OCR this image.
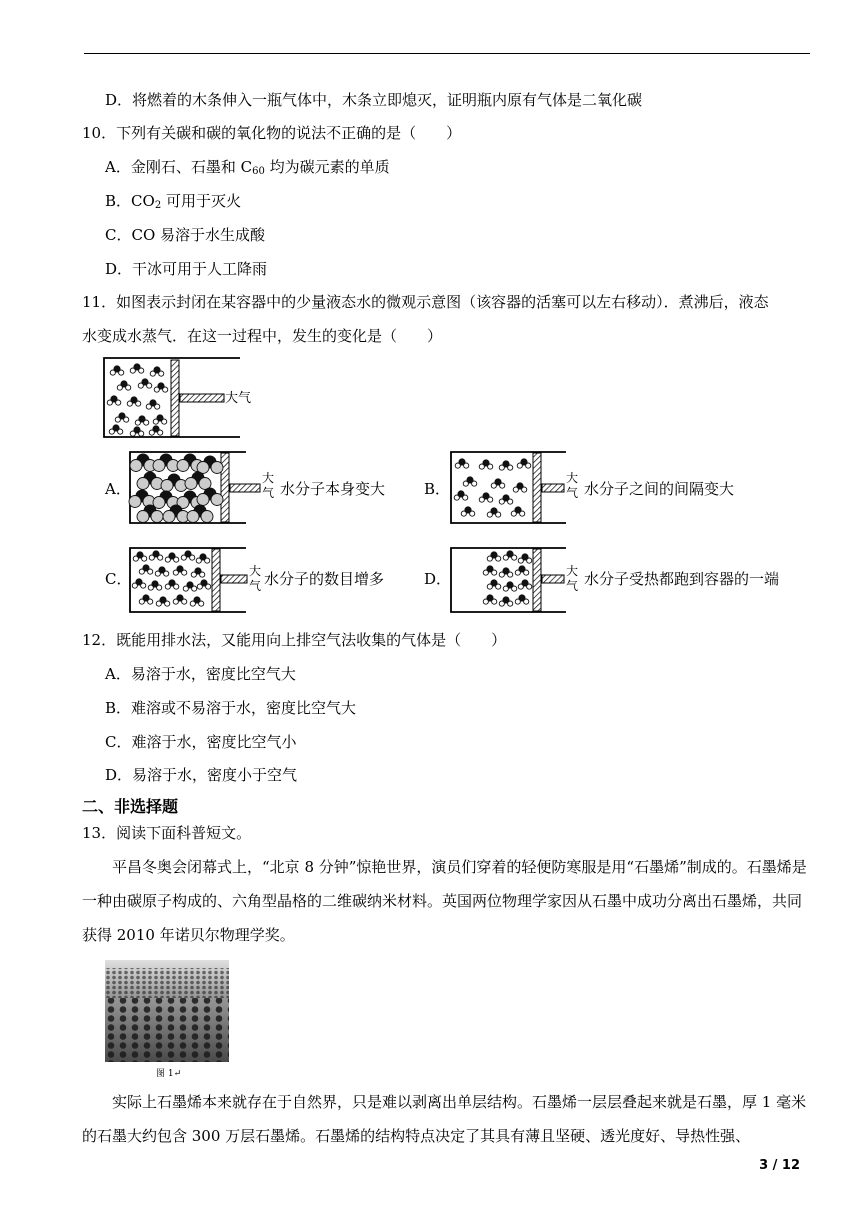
D．将燃着的木条伸入一瓶气体中，木条立即熄灭，证明瓶内原有气体是二氧化碳
10．下列有关碳和碳的氧化物的说法不正确的是（　　）
A．金刚石、石墨和 $C_{60}$ 均为碳元素的单质
B．$CO_2$ 可用于灭火
C．CO 易溶于水生成酸
D．干冰可用于人工降雨
11．如图表示封闭在某容器中的少量液态水的微观示意图（该容器的活塞可以左右移动）．煮沸后，液态
水变成水蒸气．在这一过程中，发生的变化是（　　）
大气
大
气
大
气
大
气
大
气
A．	水分子本身变大	B．	水分子之间的间隔变大
C．	水分子的数目增多	D．	水分子受热都跑到容器的一端
12．既能用排水法，又能用向上排空气法收集的气体是（　　）
A．易溶于水，密度比空气大
B．难溶或不易溶于水，密度比空气大
C．难溶于水，密度比空气小
D．易溶于水，密度小于空气
二、非选择题
13．阅读下面科普短文。
平昌冬奥会闭幕式上，“北京 8 分钟”惊艳世界，演员们穿着的轻便防寒服是用“石墨烯”制成的。石墨烯是一种由碳原子构成的、六角型晶格的二维碳纳米材料。英国两位物理学家因从石墨中成功分离出石墨烯，共同获得 2010 年诺贝尔物理学奖。
图 1↵
实际上石墨烯本来就存在于自然界，只是难以剥离出单层结构。石墨烯一层层叠起来就是石墨，厚 1 毫米的石墨大约包含 300 万层石墨烯。石墨烯的结构特点决定了其具有薄且坚硬、透光度好、导热性强、
3 / 12
